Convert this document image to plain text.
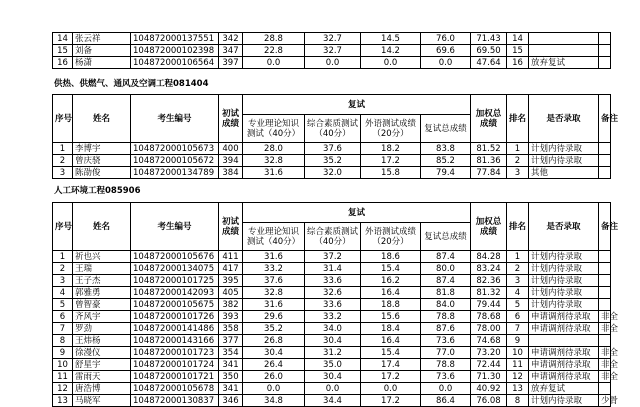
14	张云祥	104872000137551	342	28.8	32.7	14.5	76.0	71.43	14		
15	刘备	104872000102398	347	22.8	32.7	14.2	69.6	69.50	15		
16	杨潇	104872000106564	397	0.0	0.0	0.0	0.0	47.64	16	放弃复试	
供热、供燃气、通风及空调工程081404
序号	姓名	考生编号	初试成绩	复试				加权总成绩	排名	是否录取	备注
				专业理论知识测试（40分）	综合素质测试（40分）	外语测试成绩（20分）	复试总成绩				
1	李博宇	104872000105673	400	28.0	37.6	18.2	83.8	81.52	1	计划内待录取	
2	曾庆骁	104872000105672	394	32.8	35.2	17.2	85.2	81.36	2	计划内待录取	
3	陈劭俊	104872000134789	384	31.6	32.0	15.8	79.4	77.84	3	其他	
人工环境工程085906
序号	姓名	考生编号	初试成绩	复试				加权总成绩	排名	是否录取	备注
				专业理论知识测试（40分）	综合素质测试（40分）	外语测试成绩（20分）	复试总成绩				
1	祈也兴	104872000105676	411	31.6	37.2	18.6	87.4	84.28	1	计划内待录取	
2	王瑞	104872000134075	417	33.2	31.4	15.4	80.0	83.24	2	计划内待录取	
3	王子杰	104872000101725	395	37.6	33.6	16.2	87.4	82.36	3	计划内待录取	
4	郭雅勇	104872000142093	405	32.8	32.6	16.4	81.8	81.32	4	计划内待录取	
5	曾智豪	104872000105675	382	31.6	33.6	18.8	84.0	79.44	5	计划内待录取	
6	齐风宇	104872000101726	393	29.6	33.2	15.6	78.8	78.68	6	申请调剂待录取	非全
7	罗劲	104872000141486	358	35.2	34.0	18.4	87.6	78.00	7	申请调剂待录取	非全
8	王炜杨	104872000143166	377	26.8	30.4	16.4	73.6	74.68	9		
9	徐漫仪	104872000101723	354	30.4	31.2	15.4	77.0	73.20	10	申请调剂待录取	非全
10	舒星宇	104872000101724	341	26.4	35.0	17.4	78.8	72.44	11	申请调剂待录取	非全
11	雷雨天	104872000101721	350	26.0	30.4	17.2	73.6	71.30	12	申请调剂待录取	非全
12	唐浩博	104872000105678	341	0.0	0.0	0.0	0.0	40.92	13	放弃复试	
13	马晓军	104872000130837	346	34.8	34.4	17.2	86.4	76.08	8	计划内待录取	少骨
